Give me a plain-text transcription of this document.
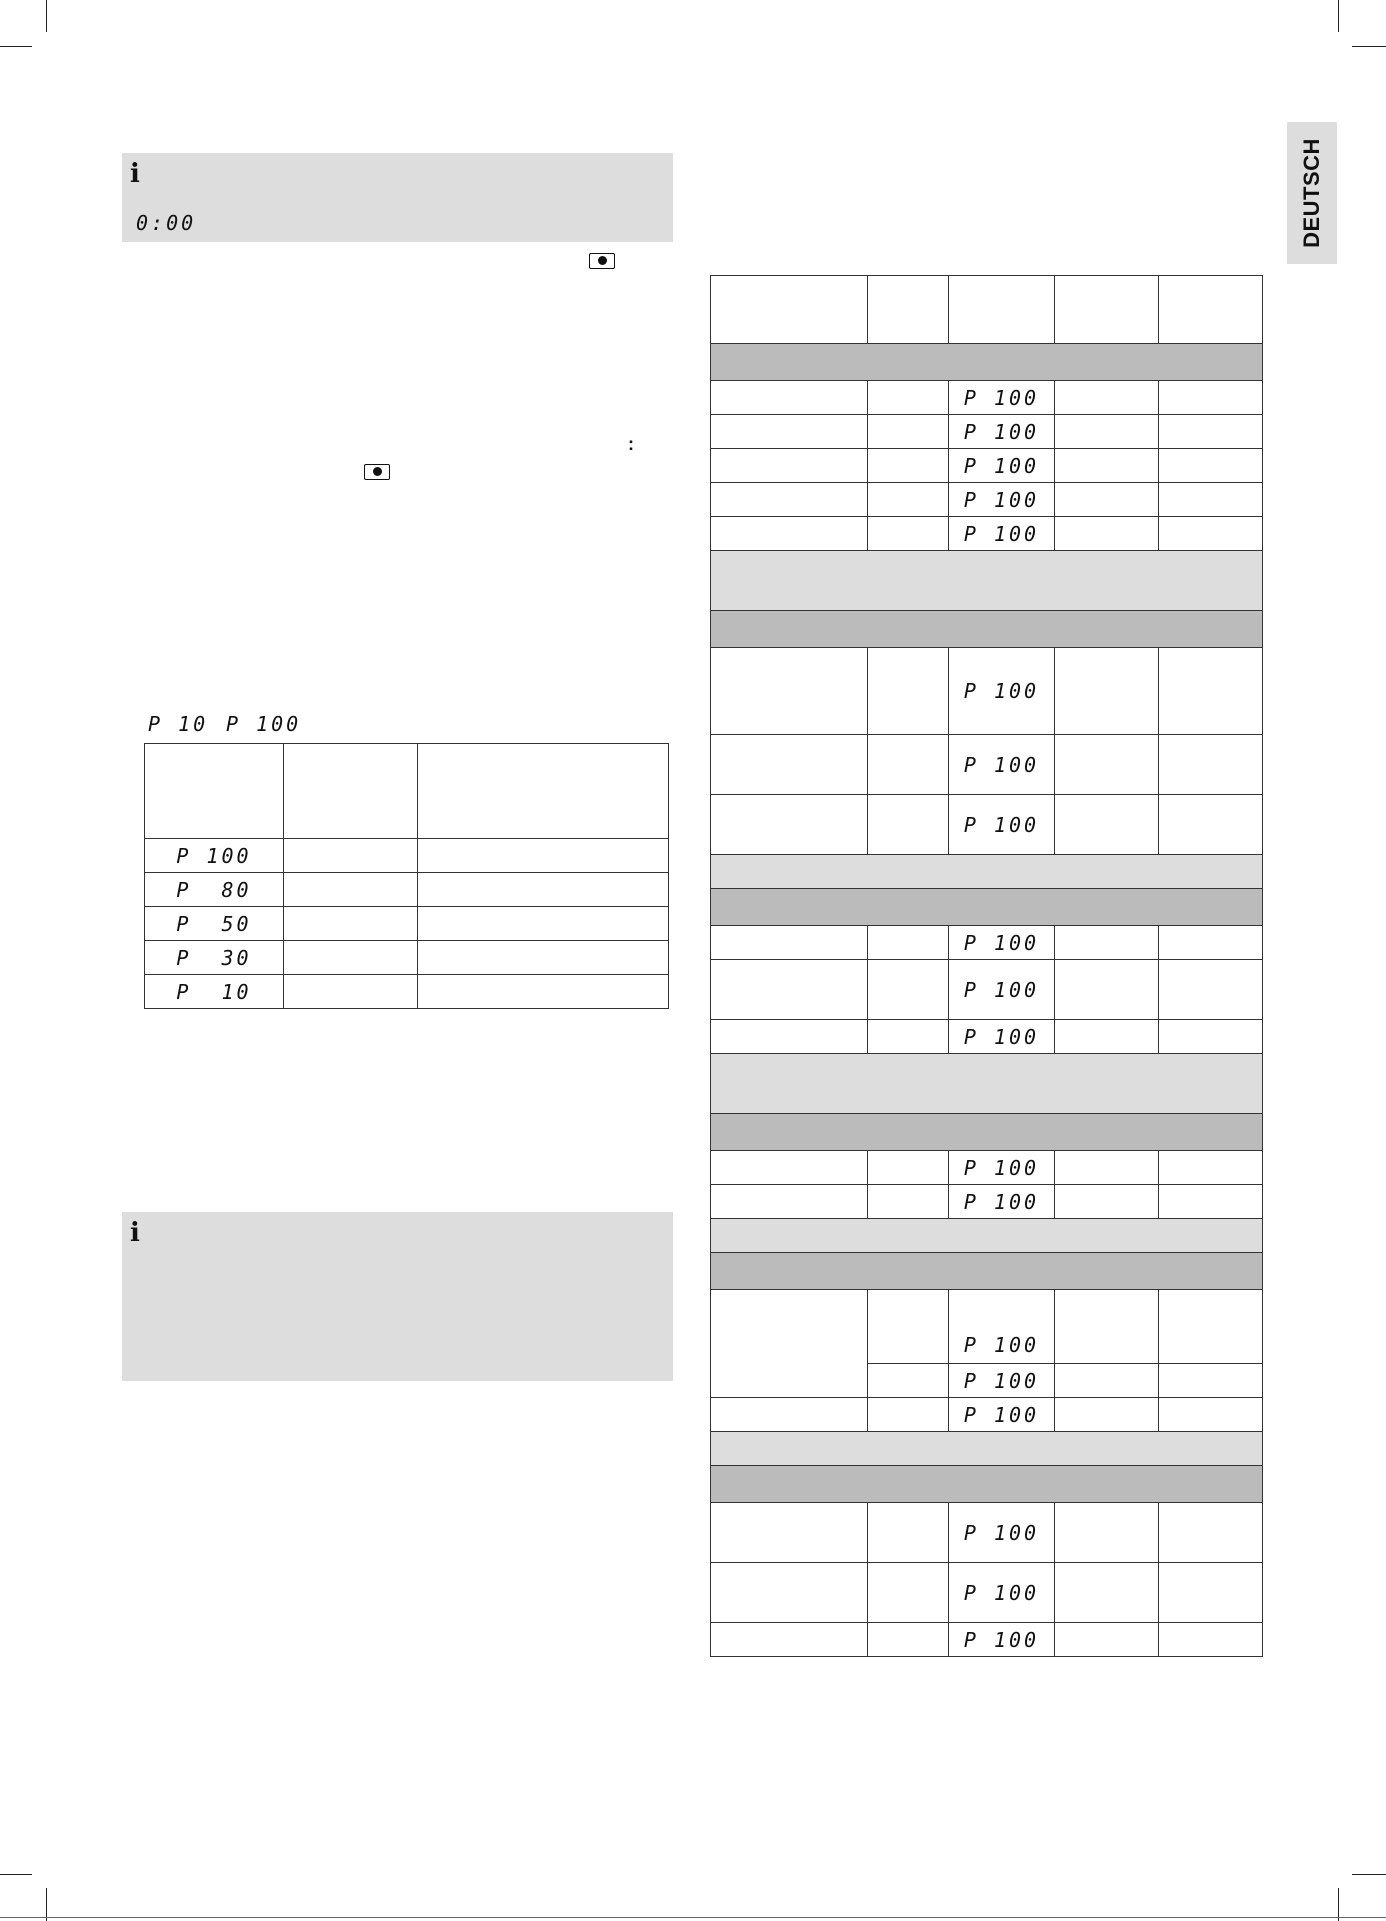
DEUTSCH
i
0:00
:
P 10 P 100

P 100		
P  80		
P  50		
P  30		
P  10		
i

		P 100		
		P 100		
		P 100		
		P 100		
		P 100		

		P 100		
		P 100		
		P 100		

		P 100		
		P 100		
		P 100		

		P 100		
		P 100		

		P 100		
		P 100		
		P 100		

		P 100		
		P 100		
		P 100		
